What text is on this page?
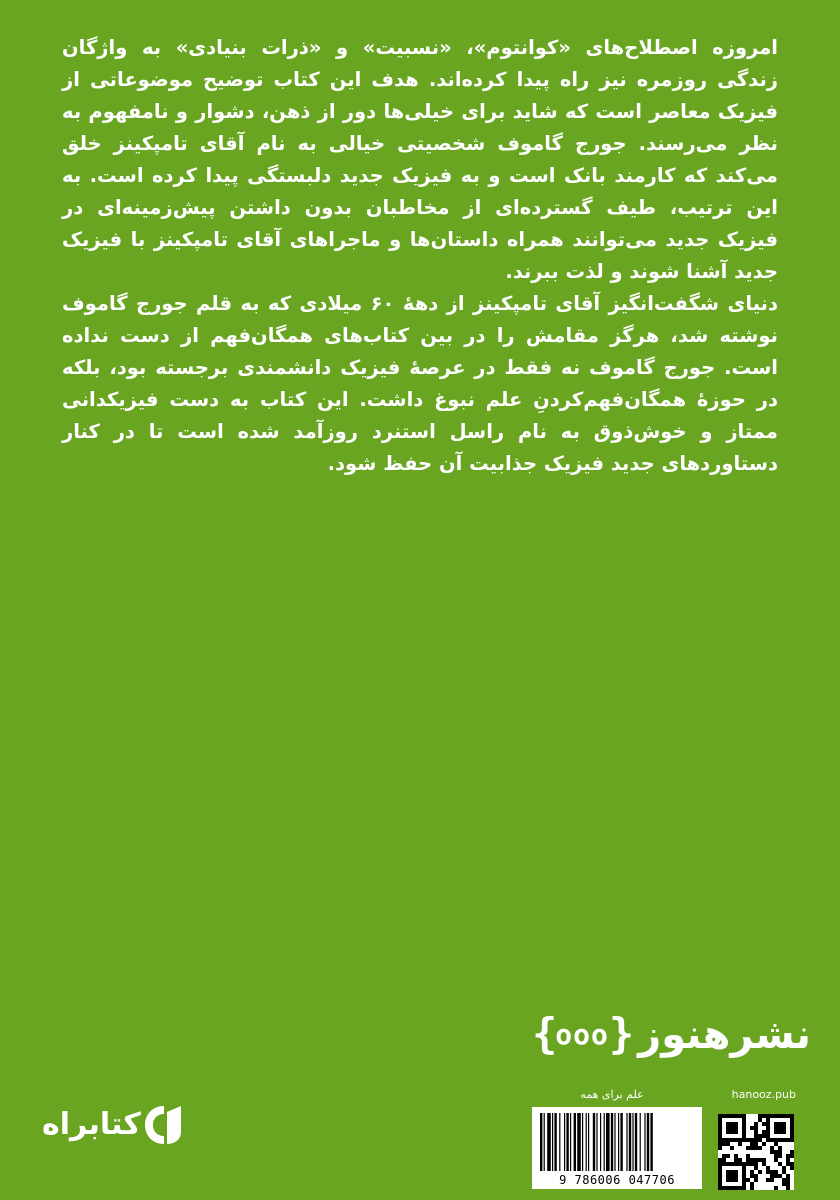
امروزه اصطلاح‌های «کوانتوم»، «نسبیت» و «ذرات بنیادی» به واژگان زندگی روزمره نیز راه پیدا کرده‌اند. هدف این کتاب توضیح موضوعاتی از فیزیک معاصر است که شاید برای خیلی‌ها دور از ذهن، دشوار و نامفهوم به نظر می‌رسند. جورج گاموف شخصیتی خیالی به نام آقای تامپکینز خلق می‌کند که کارمند بانک است و به فیزیک جدید دلبستگی پیدا کرده است. به این ترتیب، طیف گسترده‌ای از مخاطبان بدون داشتن پیش‌زمینه‌ای در فیزیک جدید می‌توانند همراه داستان‌ها و ماجراهای آقای تامپکینز با فیزیک جدید آشنا شوند و لذت ببرند.

دنیای شگفت‌انگیز آقای تامپکینز از دههٔ ۶۰ میلادی که به قلم جورج گاموف نوشته شد، هرگز مقامش را در بین کتاب‌های همگان‌فهم از دست نداده است. جورج گاموف نه فقط در عرصهٔ فیزیک دانشمندی برجسته بود، بلکه در حوزهٔ همگان‌فهم‌کردنِ علم نبوغ داشت. این کتاب به دست فیزیکدانی ممتاز و خوش‌ذوق به نام راسل استنرد روزآمد شده است تا در کنار دستاوردهای جدید فیزیک جذابیت آن حفظ شود.

نشرهنوز
{ooo}
علم برای همه	hanooz.pub
9 786006 047706
کتابراه
